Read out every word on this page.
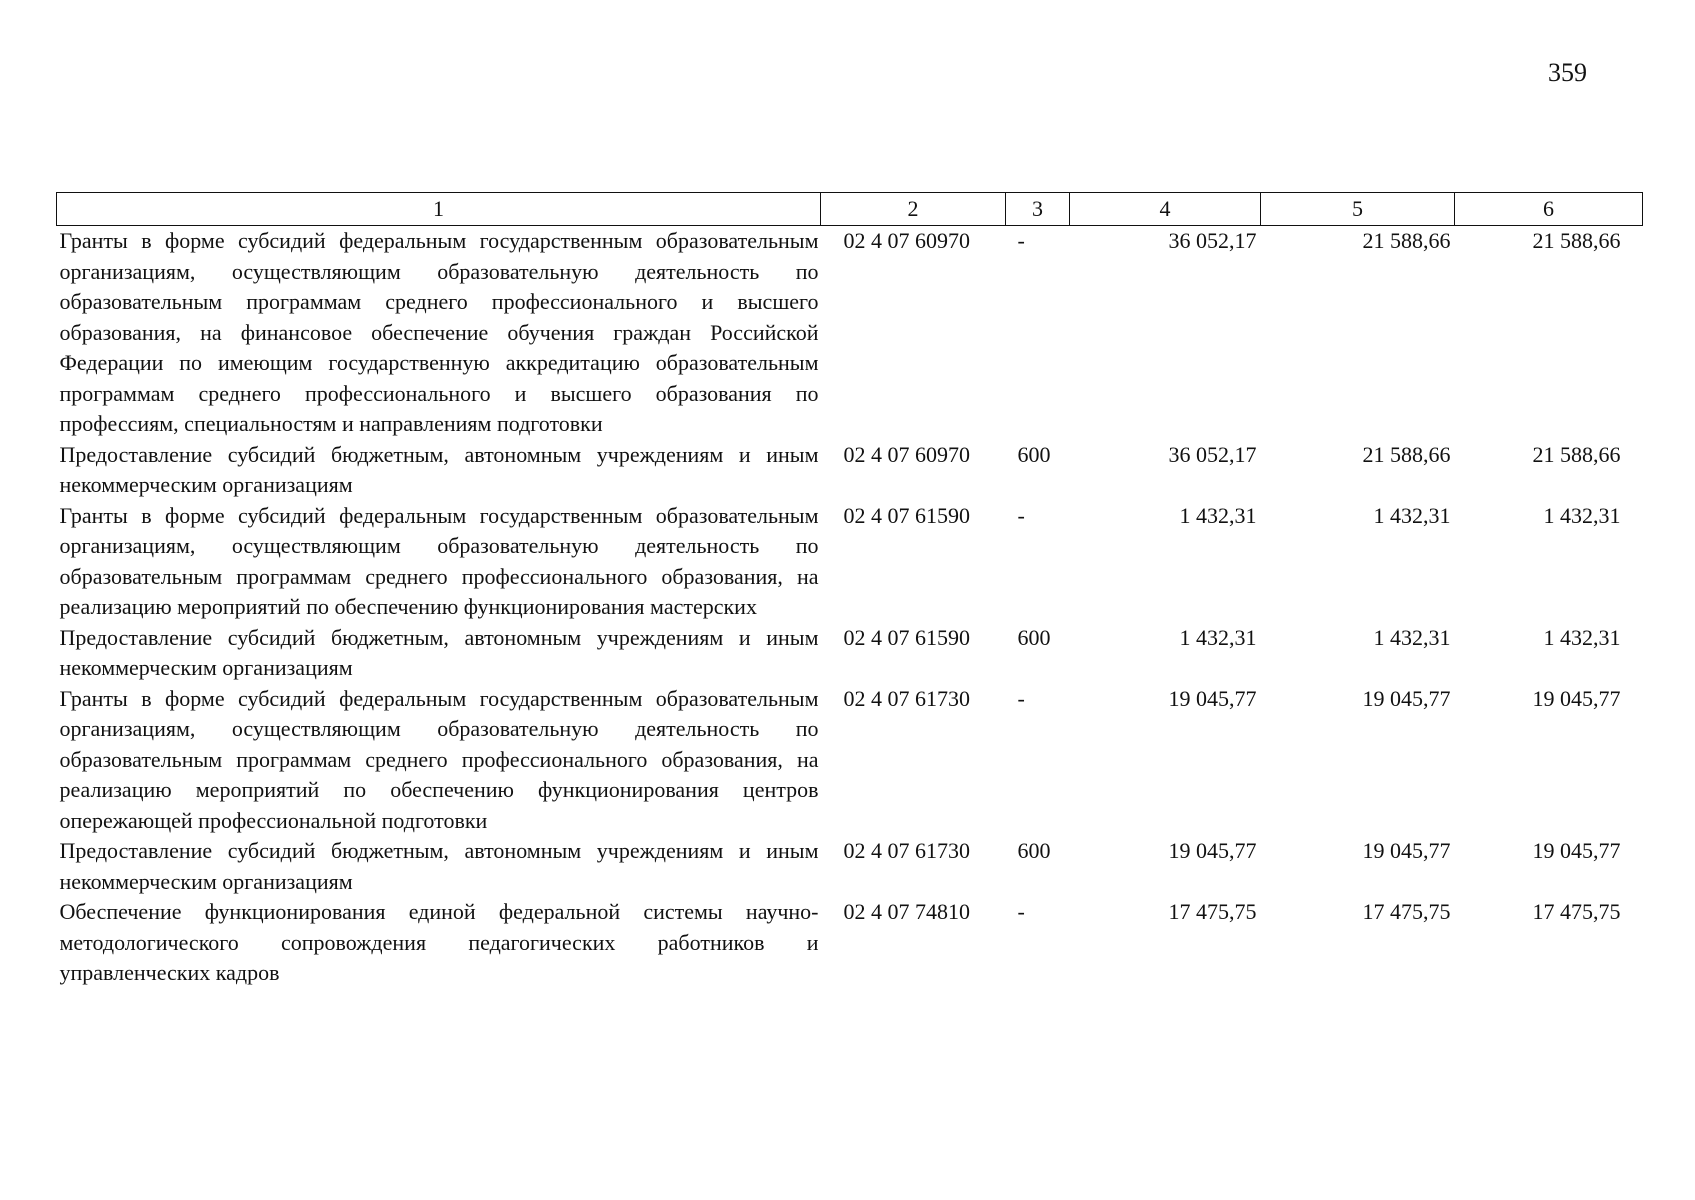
359
1	2	3	4	5	6
Гранты в форме субсидий федеральным государственным образовательным организациям, осуществляющим образовательную деятельность по образовательным программам среднего профессионального и высшего образования, на финансовое обеспечение обучения граждан Российской Федерации по имеющим государственную аккредитацию образовательным программам среднего профессионального и высшего образования по профессиям, специальностям и направлениям подготовки	02 4 07 60970	-	36 052,17	21 588,66	21 588,66
Предоставление субсидий бюджетным, автономным учреждениям и иным некоммерческим организациям	02 4 07 60970	600	36 052,17	21 588,66	21 588,66
Гранты в форме субсидий федеральным государственным образовательным организациям, осуществляющим образовательную деятельность по образовательным программам среднего профессионального образования, на реализацию мероприятий по обеспечению функционирования мастерских	02 4 07 61590	-	1 432,31	1 432,31	1 432,31
Предоставление субсидий бюджетным, автономным учреждениям и иным некоммерческим организациям	02 4 07 61590	600	1 432,31	1 432,31	1 432,31
Гранты в форме субсидий федеральным государственным образовательным организациям, осуществляющим образовательную деятельность по образовательным программам среднего профессионального образования, на реализацию мероприятий по обеспечению функционирования центров опережающей профессиональной подготовки	02 4 07 61730	-	19 045,77	19 045,77	19 045,77
Предоставление субсидий бюджетным, автономным учреждениям и иным некоммерческим организациям	02 4 07 61730	600	19 045,77	19 045,77	19 045,77
Обеспечение функционирования единой федеральной системы научно-методологического сопровождения педагогических работников и управленческих кадров	02 4 07 74810	-	17 475,75	17 475,75	17 475,75
